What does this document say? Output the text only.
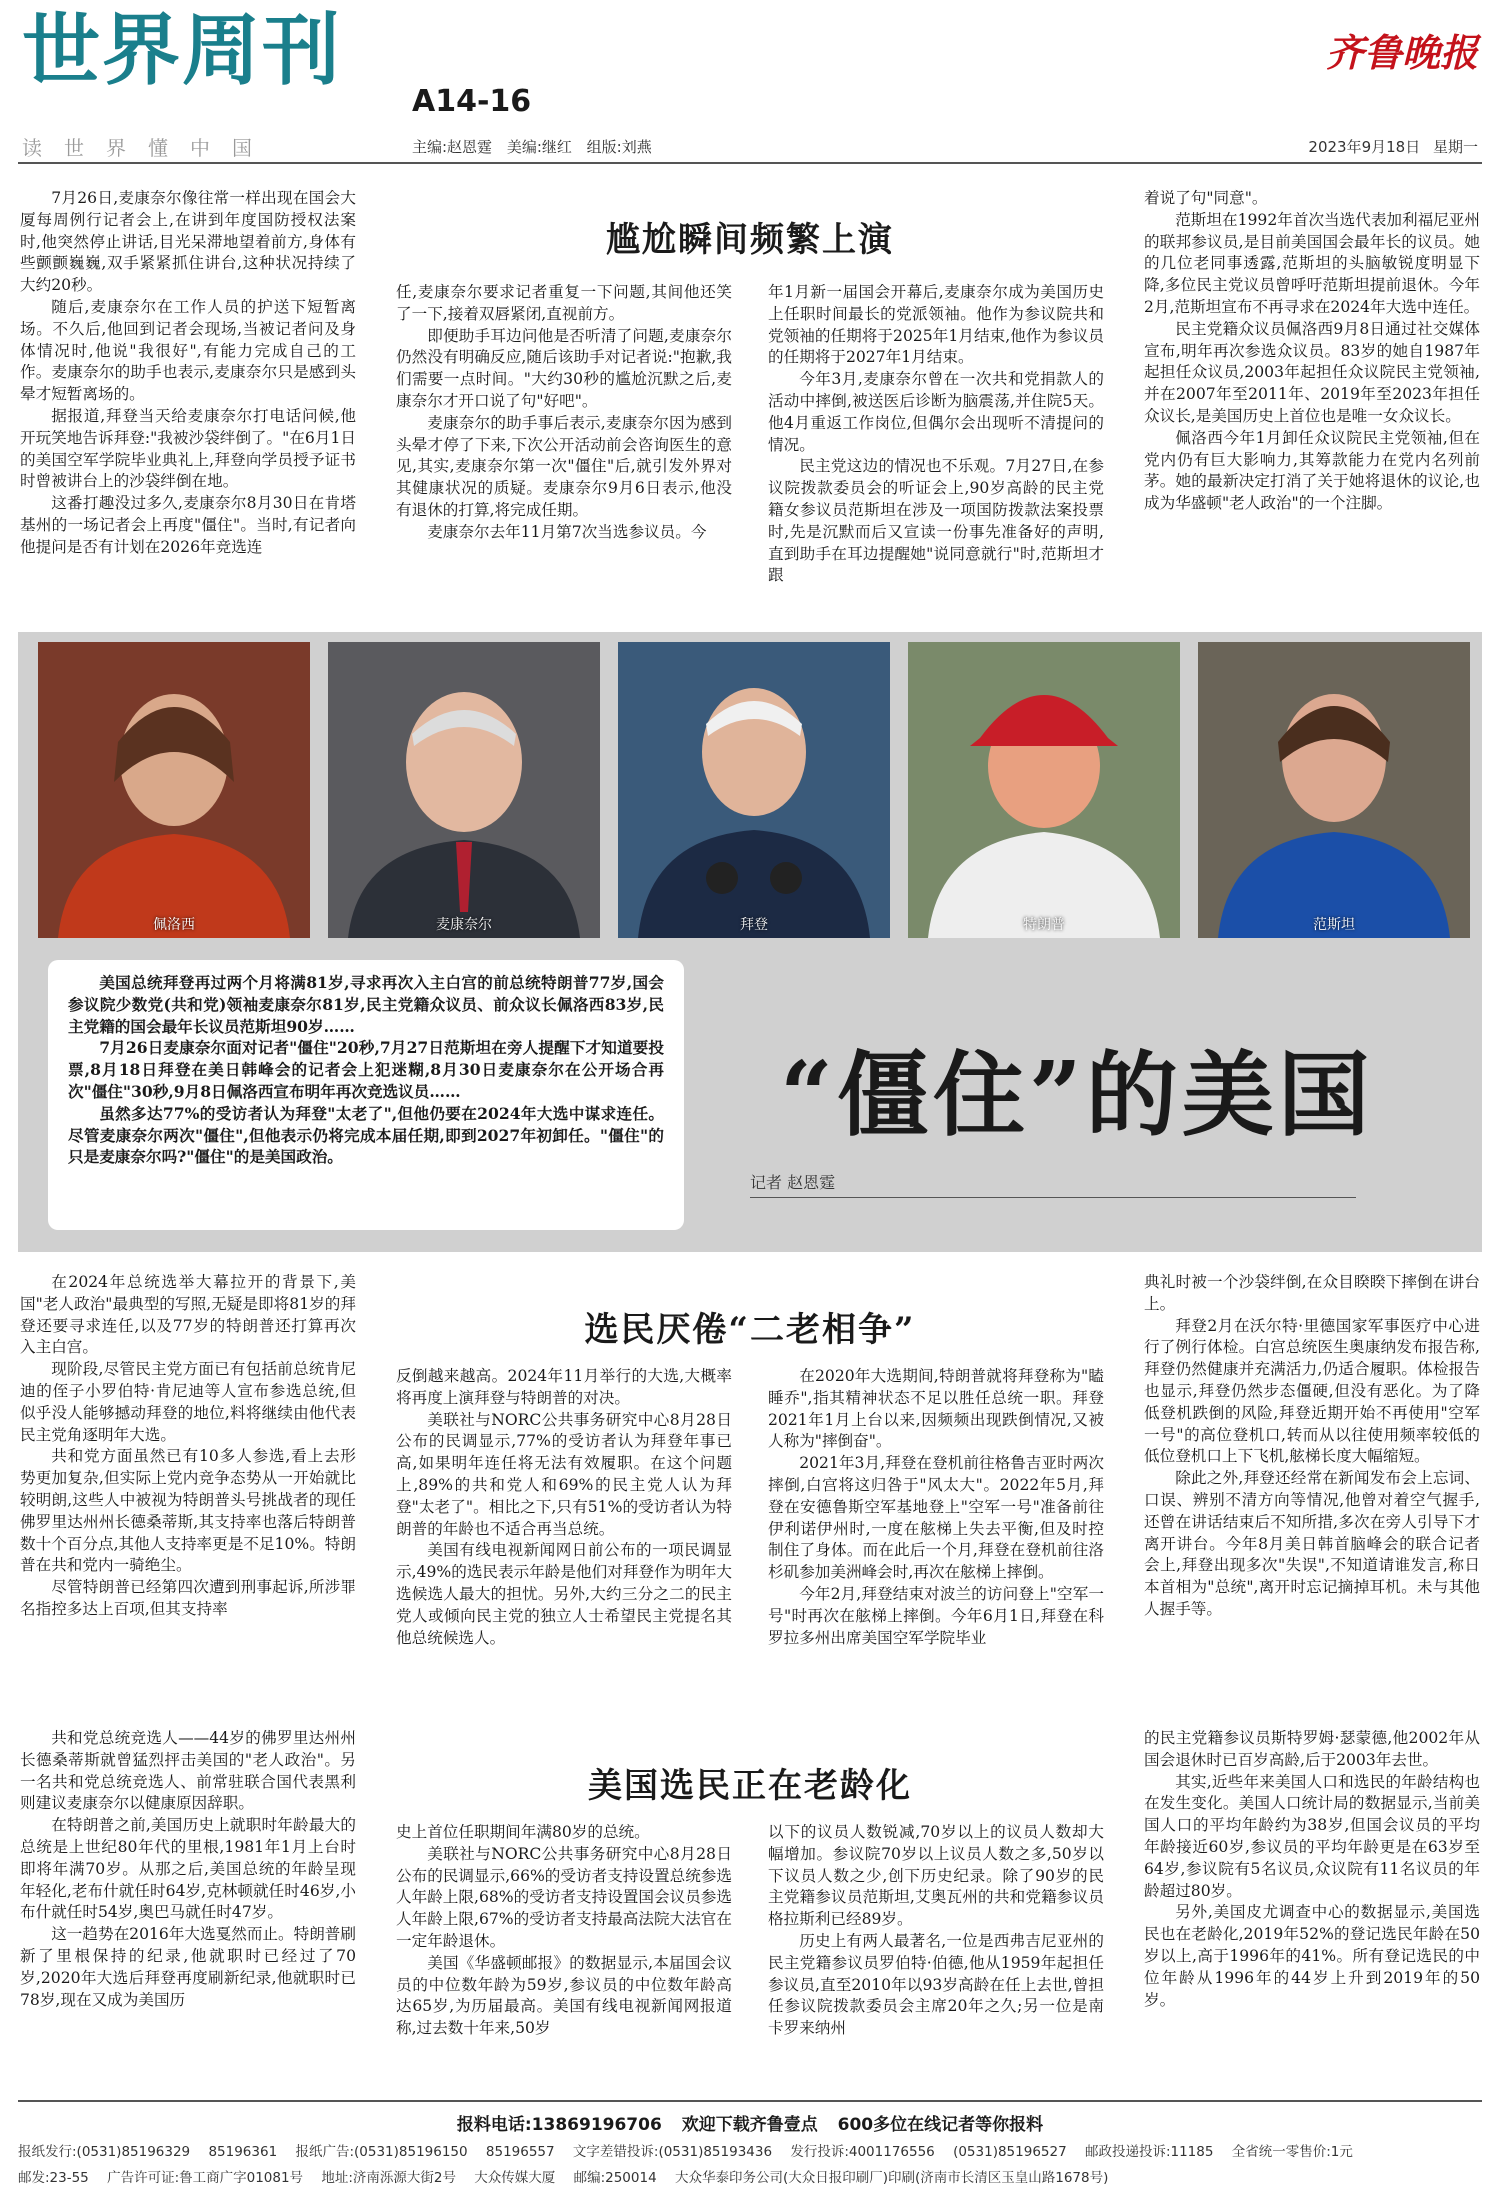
世界周刊
A14-16
齐鲁晚报
读世界懂中国	主编:赵恩霆 美编:继红 组版:刘燕	2023年9月18日 星期一
尴尬瞬间频繁上演

7月26日,麦康奈尔像往常一样出现在国会大厦每周例行记者会上,在讲到年度国防授权法案时,他突然停止讲话,目光呆滞地望着前方,身体有些颤颤巍巍,双手紧紧抓住讲台,这种状况持续了大约20秒。

随后,麦康奈尔在工作人员的护送下短暂离场。不久后,他回到记者会现场,当被记者问及身体情况时,他说"我很好",有能力完成自己的工作。麦康奈尔的助手也表示,麦康奈尔只是感到头晕才短暂离场的。

据报道,拜登当天给麦康奈尔打电话问候,他开玩笑地告诉拜登:"我被沙袋绊倒了。"在6月1日的美国空军学院毕业典礼上,拜登向学员授予证书时曾被讲台上的沙袋绊倒在地。

这番打趣没过多久,麦康奈尔8月30日在肯塔基州的一场记者会上再度"僵住"。当时,有记者向他提问是否有计划在2026年竞选连

任,麦康奈尔要求记者重复一下问题,其间他还笑了一下,接着双唇紧闭,直视前方。

即便助手耳边问他是否听清了问题,麦康奈尔仍然没有明确反应,随后该助手对记者说:"抱歉,我们需要一点时间。"大约30秒的尴尬沉默之后,麦康奈尔才开口说了句"好吧"。

麦康奈尔的助手事后表示,麦康奈尔因为感到头晕才停了下来,下次公开活动前会咨询医生的意见,其实,麦康奈尔第一次"僵住"后,就引发外界对其健康状况的质疑。麦康奈尔9月6日表示,他没有退休的打算,将完成任期。

麦康奈尔去年11月第7次当选参议员。今

年1月新一届国会开幕后,麦康奈尔成为美国历史上任职时间最长的党派领袖。他作为参议院共和党领袖的任期将于2025年1月结束,他作为参议员的任期将于2027年1月结束。

今年3月,麦康奈尔曾在一次共和党捐款人的活动中摔倒,被送医后诊断为脑震荡,并住院5天。他4月重返工作岗位,但偶尔会出现听不清提问的情况。

民主党这边的情况也不乐观。7月27日,在参议院拨款委员会的听证会上,90岁高龄的民主党籍女参议员范斯坦在涉及一项国防拨款法案投票时,先是沉默而后又宣读一份事先准备好的声明,直到助手在耳边提醒她"说同意就行"时,范斯坦才跟

着说了句"同意"。

范斯坦在1992年首次当选代表加利福尼亚州的联邦参议员,是目前美国国会最年长的议员。她的几位老同事透露,范斯坦的头脑敏锐度明显下降,多位民主党议员曾呼吁范斯坦提前退休。今年2月,范斯坦宣布不再寻求在2024年大选中连任。

民主党籍众议员佩洛西9月8日通过社交媒体宣布,明年再次参选众议员。83岁的她自1987年起担任众议员,2003年起担任众议院民主党领袖,并在2007年至2011年、2019年至2023年担任众议长,是美国历史上首位也是唯一女众议长。

佩洛西今年1月卸任众议院民主党领袖,但在党内仍有巨大影响力,其筹款能力在党内名列前茅。她的最新决定打消了关于她将退休的议论,也成为华盛顿"老人政治"的一个注脚。

佩洛西	麦康奈尔	拜登	特朗普	范斯坦

美国总统拜登再过两个月将满81岁,寻求再次入主白宫的前总统特朗普77岁,国会参议院少数党(共和党)领袖麦康奈尔81岁,民主党籍众议员、前众议长佩洛西83岁,民主党籍的国会最年长议员范斯坦90岁……

7月26日麦康奈尔面对记者"僵住"20秒,7月27日范斯坦在旁人提醒下才知道要投票,8月18日拜登在美日韩峰会的记者会上犯迷糊,8月30日麦康奈尔在公开场合再次"僵住"30秒,9月8日佩洛西宣布明年再次竞选议员……

虽然多达77%的受访者认为拜登"太老了",但他仍要在2024年大选中谋求连任。尽管麦康奈尔两次"僵住",但他表示仍将完成本届任期,即到2027年初卸任。"僵住"的只是麦康奈尔吗?"僵住"的是美国政治。

“僵住”的美国
记者 赵恩霆
选民厌倦“二老相争”

在2024年总统选举大幕拉开的背景下,美国"老人政治"最典型的写照,无疑是即将81岁的拜登还要寻求连任,以及77岁的特朗普还打算再次入主白宫。

现阶段,尽管民主党方面已有包括前总统肯尼迪的侄子小罗伯特·肯尼迪等人宣布参选总统,但似乎没人能够撼动拜登的地位,料将继续由他代表民主党角逐明年大选。

共和党方面虽然已有10多人参选,看上去形势更加复杂,但实际上党内竞争态势从一开始就比较明朗,这些人中被视为特朗普头号挑战者的现任佛罗里达州州长德桑蒂斯,其支持率也落后特朗普数十个百分点,其他人支持率更是不足10%。特朗普在共和党内一骑绝尘。

尽管特朗普已经第四次遭到刑事起诉,所涉罪名指控多达上百项,但其支持率

反倒越来越高。2024年11月举行的大选,大概率将再度上演拜登与特朗普的对决。

美联社与NORC公共事务研究中心8月28日公布的民调显示,77%的受访者认为拜登年事已高,如果明年连任将无法有效履职。在这个问题上,89%的共和党人和69%的民主党人认为拜登"太老了"。相比之下,只有51%的受访者认为特朗普的年龄也不适合再当总统。

美国有线电视新闻网日前公布的一项民调显示,49%的选民表示年龄是他们对拜登作为明年大选候选人最大的担忧。另外,大约三分之二的民主党人或倾向民主党的独立人士希望民主党提名其他总统候选人。

在2020年大选期间,特朗普就将拜登称为"瞌睡乔",指其精神状态不足以胜任总统一职。拜登2021年1月上台以来,因频频出现跌倒情况,又被人称为"摔倒奋"。

2021年3月,拜登在登机前往格鲁吉亚时两次摔倒,白宫将这归咎于"风太大"。2022年5月,拜登在安德鲁斯空军基地登上"空军一号"准备前往伊利诺伊州时,一度在舷梯上失去平衡,但及时控制住了身体。而在此后一个月,拜登在登机前往洛杉矶参加美洲峰会时,再次在舷梯上摔倒。

今年2月,拜登结束对波兰的访问登上"空军一号"时再次在舷梯上摔倒。今年6月1日,拜登在科罗拉多州出席美国空军学院毕业

典礼时被一个沙袋绊倒,在众目睽睽下摔倒在讲台上。

拜登2月在沃尔特·里德国家军事医疗中心进行了例行体检。白宫总统医生奥康纳发布报告称,拜登仍然健康并充满活力,仍适合履职。体检报告也显示,拜登仍然步态僵硬,但没有恶化。为了降低登机跌倒的风险,拜登近期开始不再使用"空军一号"的高位登机口,转而从以往使用频率较低的低位登机口上下飞机,舷梯长度大幅缩短。

除此之外,拜登还经常在新闻发布会上忘词、口误、辨别不清方向等情况,他曾对着空气握手,还曾在讲话结束后不知所措,多次在旁人引导下才离开讲台。今年8月美日韩首脑峰会的联合记者会上,拜登出现多次"失误",不知道请谁发言,称日本首相为"总统",离开时忘记摘掉耳机。未与其他人握手等。

美国选民正在老龄化

共和党总统竞选人——44岁的佛罗里达州州长德桑蒂斯就曾猛烈抨击美国的"老人政治"。另一名共和党总统竞选人、前常驻联合国代表黑利则建议麦康奈尔以健康原因辞职。

在特朗普之前,美国历史上就职时年龄最大的总统是上世纪80年代的里根,1981年1月上台时即将年满70岁。从那之后,美国总统的年龄呈现年轻化,老布什就任时64岁,克林顿就任时46岁,小布什就任时54岁,奥巴马就任时47岁。

这一趋势在2016年大选戛然而止。特朗普刷新了里根保持的纪录,他就职时已经过了70岁,2020年大选后拜登再度刷新纪录,他就职时已78岁,现在又成为美国历

史上首位任职期间年满80岁的总统。

美联社与NORC公共事务研究中心8月28日公布的民调显示,66%的受访者支持设置总统参选人年龄上限,68%的受访者支持设置国会议员参选人年龄上限,67%的受访者支持最高法院大法官在一定年龄退休。

美国《华盛顿邮报》的数据显示,本届国会议员的中位数年龄为59岁,参议员的中位数年龄高达65岁,为历届最高。美国有线电视新闻网报道称,过去数十年来,50岁

以下的议员人数锐减,70岁以上的议员人数却大幅增加。参议院70岁以上议员人数之多,50岁以下议员人数之少,创下历史纪录。除了90岁的民主党籍参议员范斯坦,艾奥瓦州的共和党籍参议员格拉斯利已经89岁。

历史上有两人最著名,一位是西弗吉尼亚州的民主党籍参议员罗伯特·伯德,他从1959年起担任参议员,直至2010年以93岁高龄在任上去世,曾担任参议院拨款委员会主席20年之久;另一位是南卡罗来纳州

的民主党籍参议员斯特罗姆·瑟蒙德,他2002年从国会退休时已百岁高龄,后于2003年去世。

其实,近些年来美国人口和选民的年龄结构也在发生变化。美国人口统计局的数据显示,当前美国人口的平均年龄约为38岁,但国会议员的平均年龄接近60岁,参议员的平均年龄更是在63岁至64岁,参议院有5名议员,众议院有11名议员的年龄超过80岁。

另外,美国皮尤调查中心的数据显示,美国选民也在老龄化,2019年52%的登记选民年龄在50岁以上,高于1996年的41%。所有登记选民的中位年龄从1996年的44岁上升到2019年的50岁。

报料电话:13869196706 欢迎下载齐鲁壹点 600多位在线记者等你报料
报纸发行:(0531)85196329 85196361 报纸广告:(0531)85196150 85196557 文字差错投诉:(0531)85193436 发行投诉:4001176556 (0531)85196527 邮政投递投诉:11185 全省统一零售价:1元
邮发:23-55 广告许可证:鲁工商广字01081号 地址:济南泺源大街2号 大众传媒大厦 邮编:250014 大众华泰印务公司(大众日报印刷厂)印刷(济南市长清区玉皇山路1678号)
